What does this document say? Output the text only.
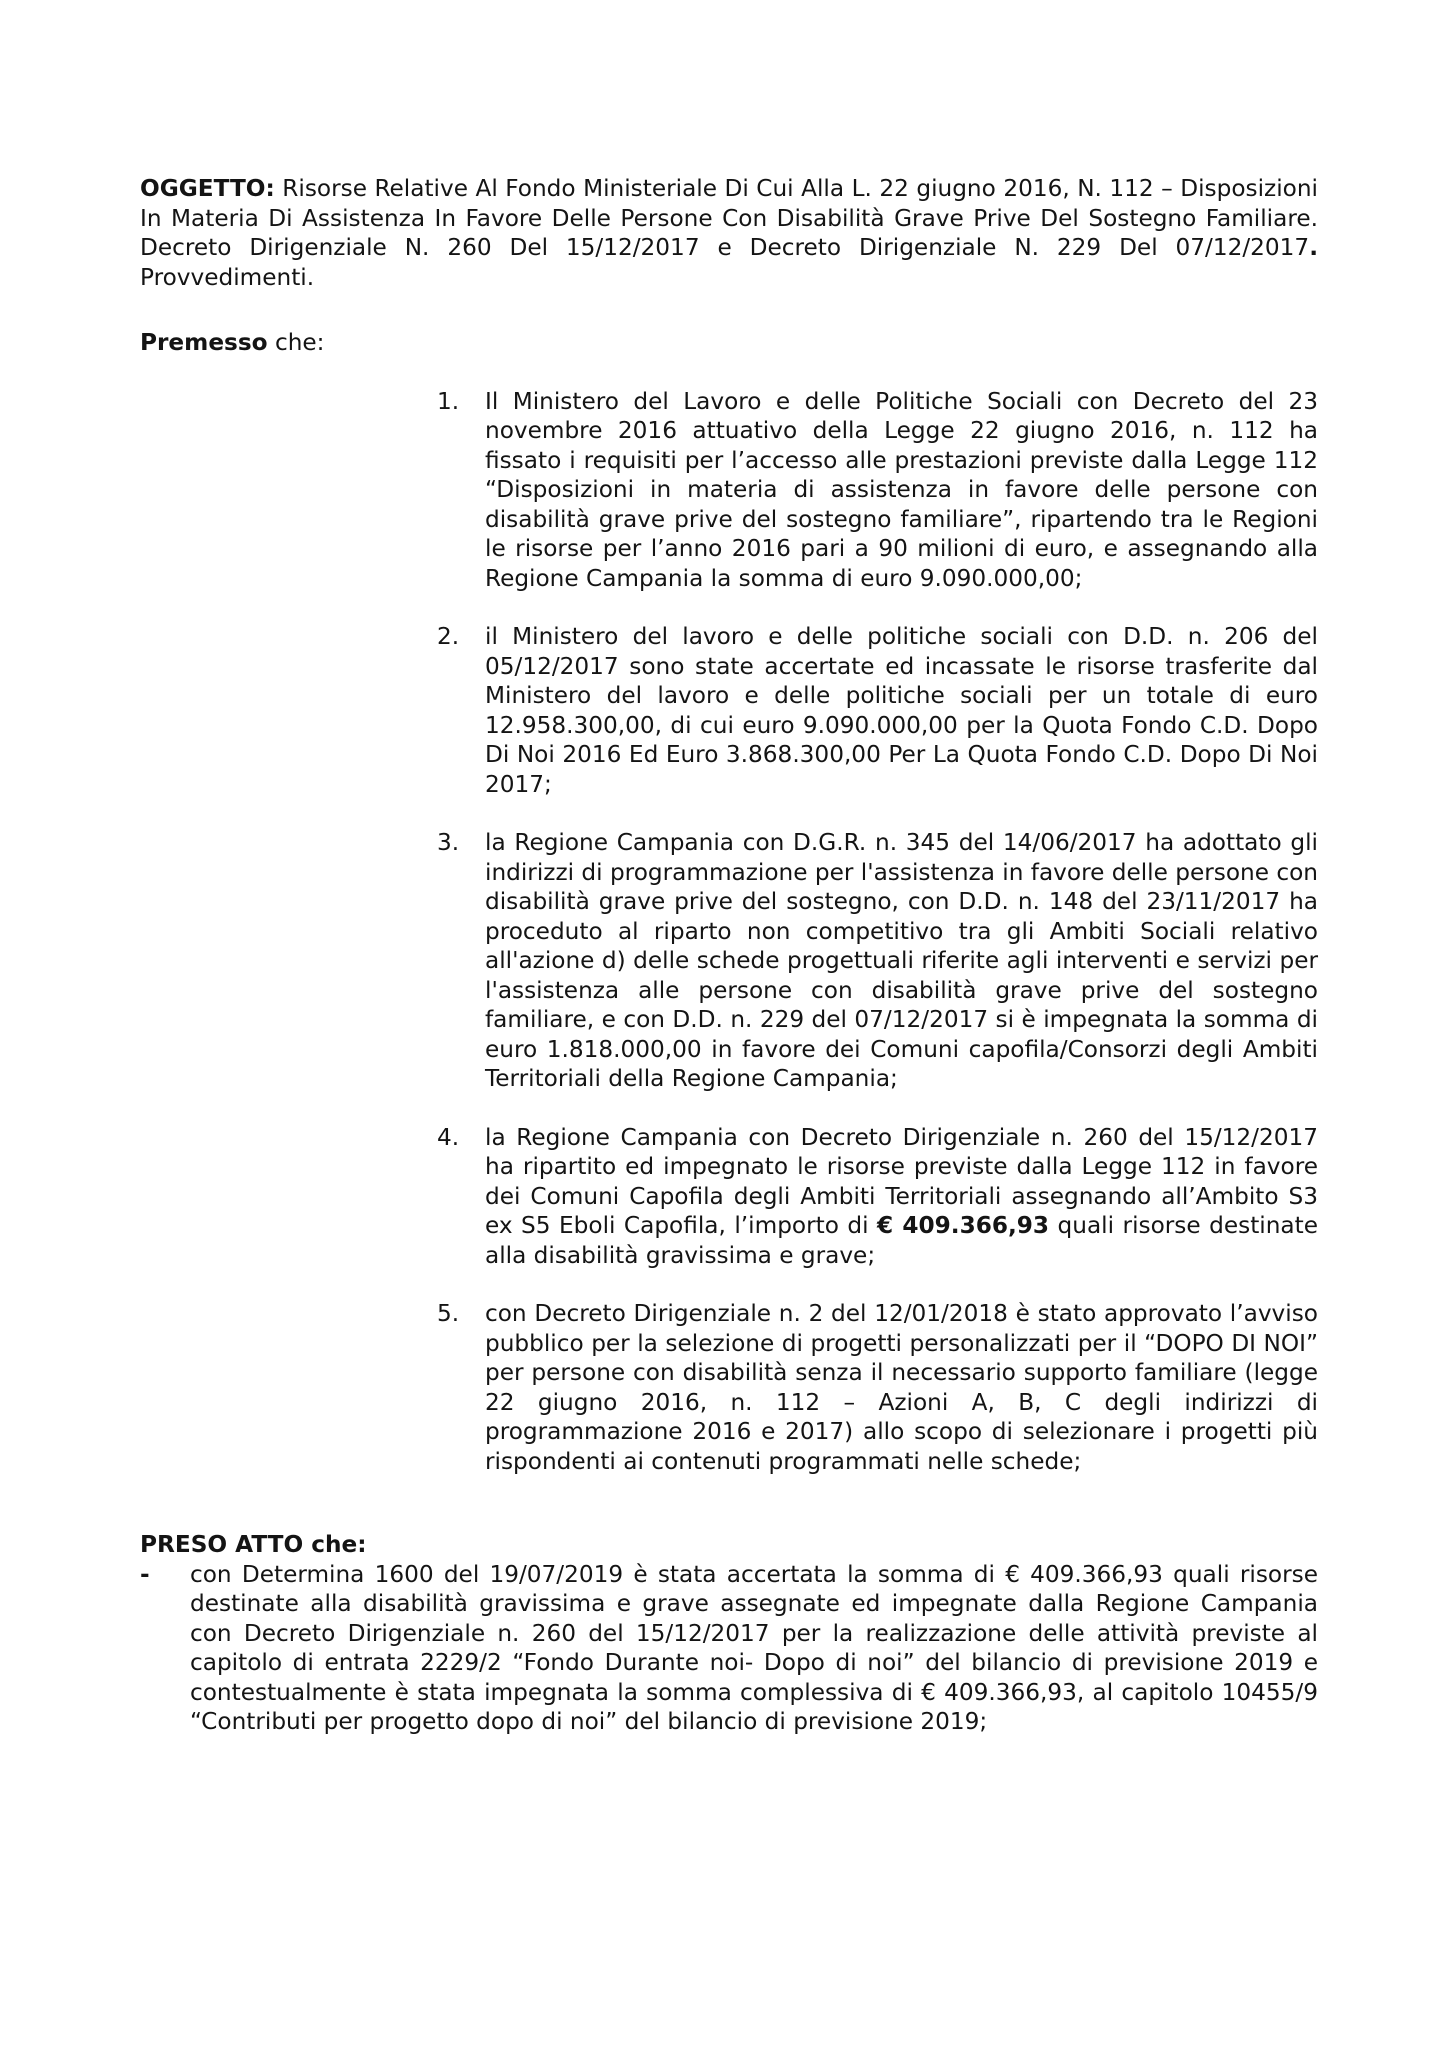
OGGETTO: Risorse Relative Al Fondo Ministeriale Di Cui Alla L. 22 giugno 2016, N. 112 – Disposizioni In Materia Di Assistenza In Favore Delle Persone Con Disabilità Grave Prive Del Sostegno Familiare. Decreto Dirigenziale N. 260 Del 15/12/2017 e Decreto Dirigenziale N. 229 Del 07/12/2017. Provvedimenti.

Premesso che:

1. Il Ministero del Lavoro e delle Politiche Sociali con Decreto del 23 novembre 2016 attuativo della Legge 22 giugno 2016, n. 112 ha fissato i requisiti per l’accesso alle prestazioni previste dalla Legge 112 “Disposizioni in materia di assistenza in favore delle persone con disabilità grave prive del sostegno familiare”, ripartendo tra le Regioni le risorse per l’anno 2016 pari a 90 milioni di euro, e assegnando alla Regione Campania la somma di euro 9.090.000,00;
2. il Ministero del lavoro e delle politiche sociali con D.D. n. 206 del 05/12/2017 sono state accertate ed incassate le risorse trasferite dal Ministero del lavoro e delle politiche sociali per un totale di euro 12.958.300,00, di cui euro 9.090.000,00 per la Quota Fondo C.D. Dopo Di Noi 2016 Ed Euro 3.868.300,00 Per La Quota Fondo C.D. Dopo Di Noi 2017;
3. la Regione Campania con D.G.R. n. 345 del 14/06/2017 ha adottato gli indirizzi di programmazione per l'assistenza in favore delle persone con disabilità grave prive del sostegno, con D.D. n. 148 del 23/11/2017 ha proceduto al riparto non competitivo tra gli Ambiti Sociali relativo all'azione d) delle schede progettuali riferite agli interventi e servizi per l'assistenza alle persone con disabilità grave prive del sostegno familiare, e con D.D. n. 229 del 07/12/2017 si è impegnata la somma di euro 1.818.000,00 in favore dei Comuni capofila/Consorzi degli Ambiti Territoriali della Regione Campania;
4. la Regione Campania con Decreto Dirigenziale n. 260 del 15/12/2017 ha ripartito ed impegnato le risorse previste dalla Legge 112 in favore dei Comuni Capofila degli Ambiti Territoriali assegnando all’Ambito S3 ex S5 Eboli Capofila, l’importo di € 409.366,93 quali risorse destinate alla disabilità gravissima e grave;
5. con Decreto Dirigenziale n. 2 del 12/01/2018 è stato approvato l’avviso pubblico per la selezione di progetti personalizzati per il “DOPO DI NOI” per persone con disabilità senza il necessario supporto familiare (legge 22 giugno 2016, n. 112 – Azioni A, B, C degli indirizzi di programmazione 2016 e 2017) allo scopo di selezionare i progetti più rispondenti ai contenuti programmati nelle schede;

PRESO ATTO che:

- con Determina 1600 del 19/07/2019 è stata accertata la somma di € 409.366,93 quali risorse destinate alla disabilità gravissima e grave assegnate ed impegnate dalla Regione Campania con Decreto Dirigenziale n. 260 del 15/12/2017 per la realizzazione delle attività previste al capitolo di entrata 2229/2 “Fondo Durante noi- Dopo di noi” del bilancio di previsione 2019 e contestualmente è stata impegnata la somma complessiva di € 409.366,93, al capitolo 10455/9 “Contributi per progetto dopo di noi” del bilancio di previsione 2019;
